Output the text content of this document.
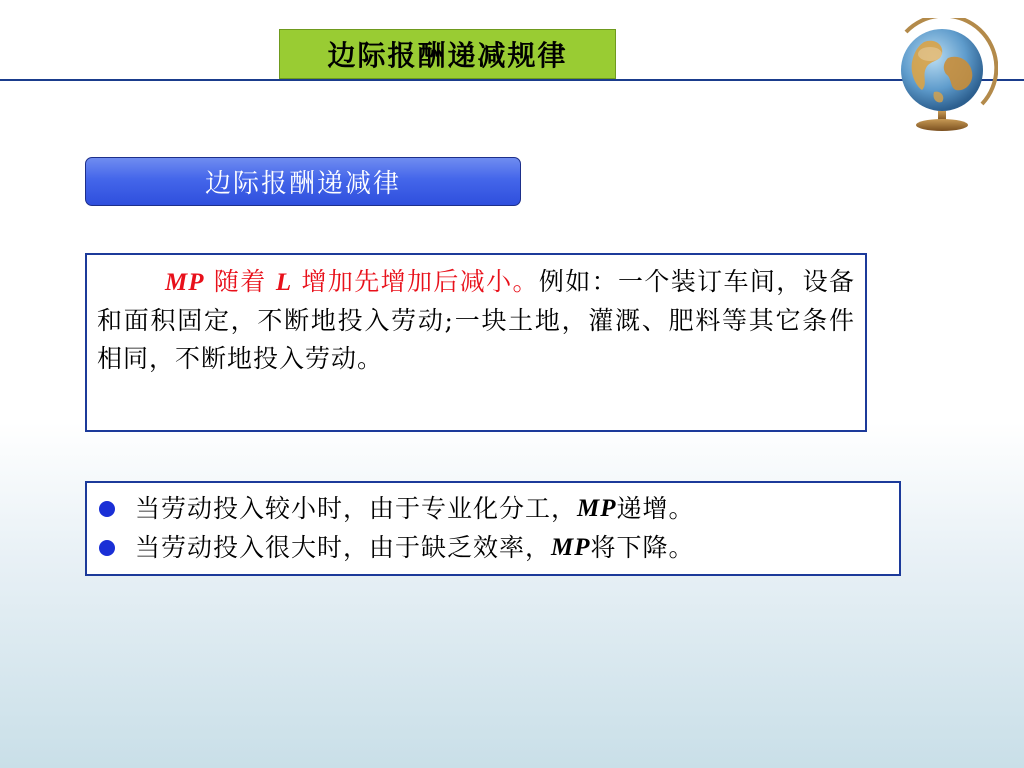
边际报酬递减规律
边际报酬递减律
MP 随着 L 增加先增加后减小。例如：一个装订车间，设备和面积固定，不断地投入劳动;一块土地，灌溉、肥料等其它条件相同，不断地投入劳动。
当劳动投入较小时，由于专业化分工， MP 递增。
当劳动投入很大时，由于缺乏效率， MP 将下降。
